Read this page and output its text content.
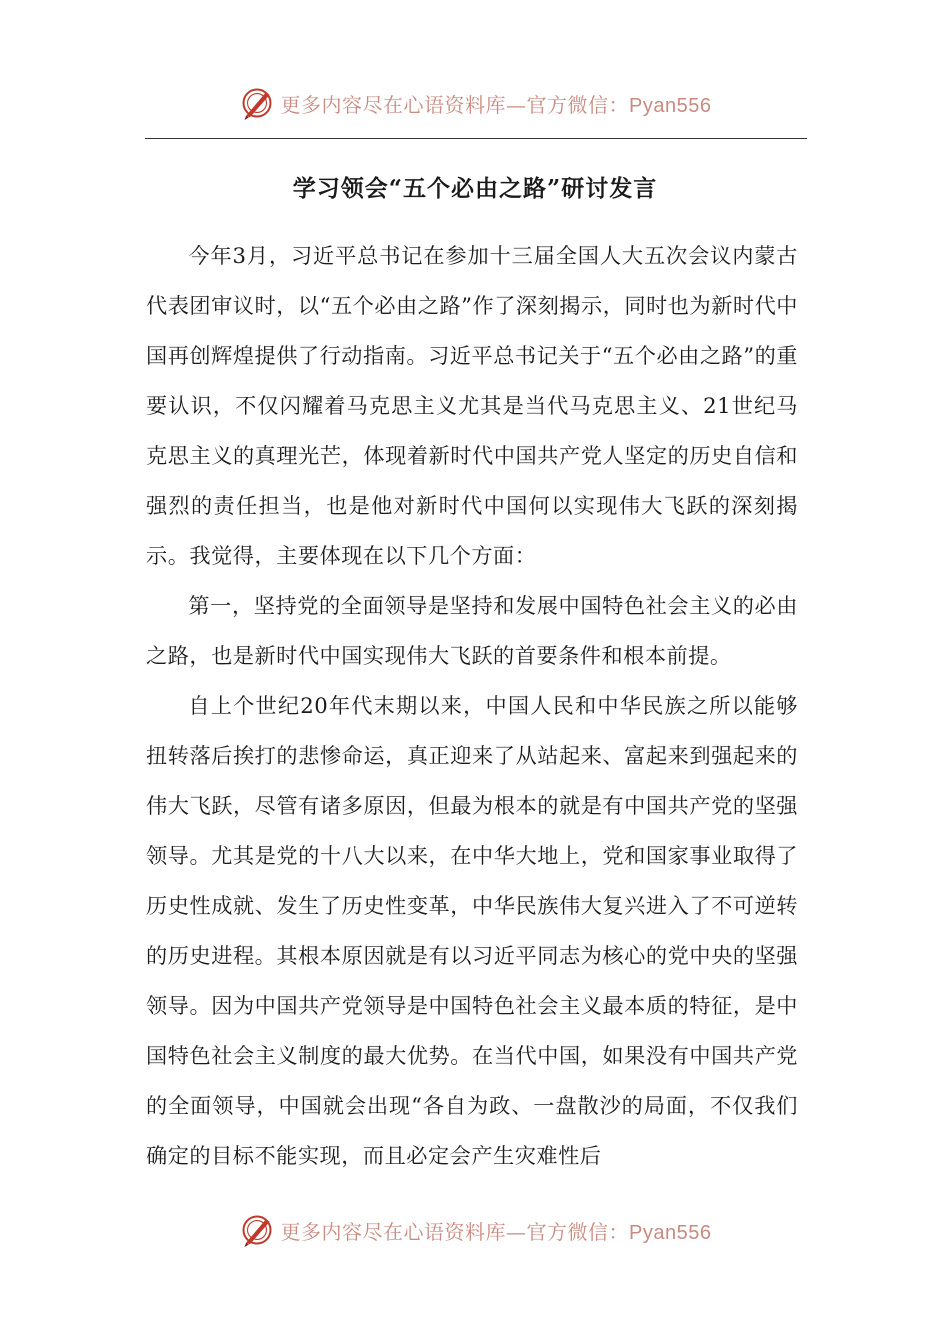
更多内容尽在心语资料库—官方微信：Pyan556
学习领会“五个必由之路”研讨发言

今年3月，习近平总书记在参加十三届全国人大五次会议内蒙古代表团审议时，以“五个必由之路”作了深刻揭示，同时也为新时代中国再创辉煌提供了行动指南。习近平总书记关于“五个必由之路”的重要认识，不仅闪耀着马克思主义尤其是当代马克思主义、21世纪马克思主义的真理光芒，体现着新时代中国共产党人坚定的历史自信和强烈的责任担当，也是他对新时代中国何以实现伟大飞跃的深刻揭示。我觉得，主要体现在以下几个方面：

第一，坚持党的全面领导是坚持和发展中国特色社会主义的必由之路，也是新时代中国实现伟大飞跃的首要条件和根本前提。

自上个世纪20年代末期以来，中国人民和中华民族之所以能够扭转落后挨打的悲惨命运，真正迎来了从站起来、富起来到强起来的伟大飞跃，尽管有诸多原因，但最为根本的就是有中国共产党的坚强领导。尤其是党的十八大以来，在中华大地上，党和国家事业取得了历史性成就、发生了历史性变革，中华民族伟大复兴进入了不可逆转的历史进程。其根本原因就是有以习近平同志为核心的党中央的坚强领导。因为中国共产党领导是中国特色社会主义最本质的特征，是中国特色社会主义制度的最大优势。在当代中国，如果没有中国共产党的全面领导，中国就会出现“各自为政、一盘散沙的局面，不仅我们确定的目标不能实现，而且必定会产生灾难性后

更多内容尽在心语资料库—官方微信：Pyan556
